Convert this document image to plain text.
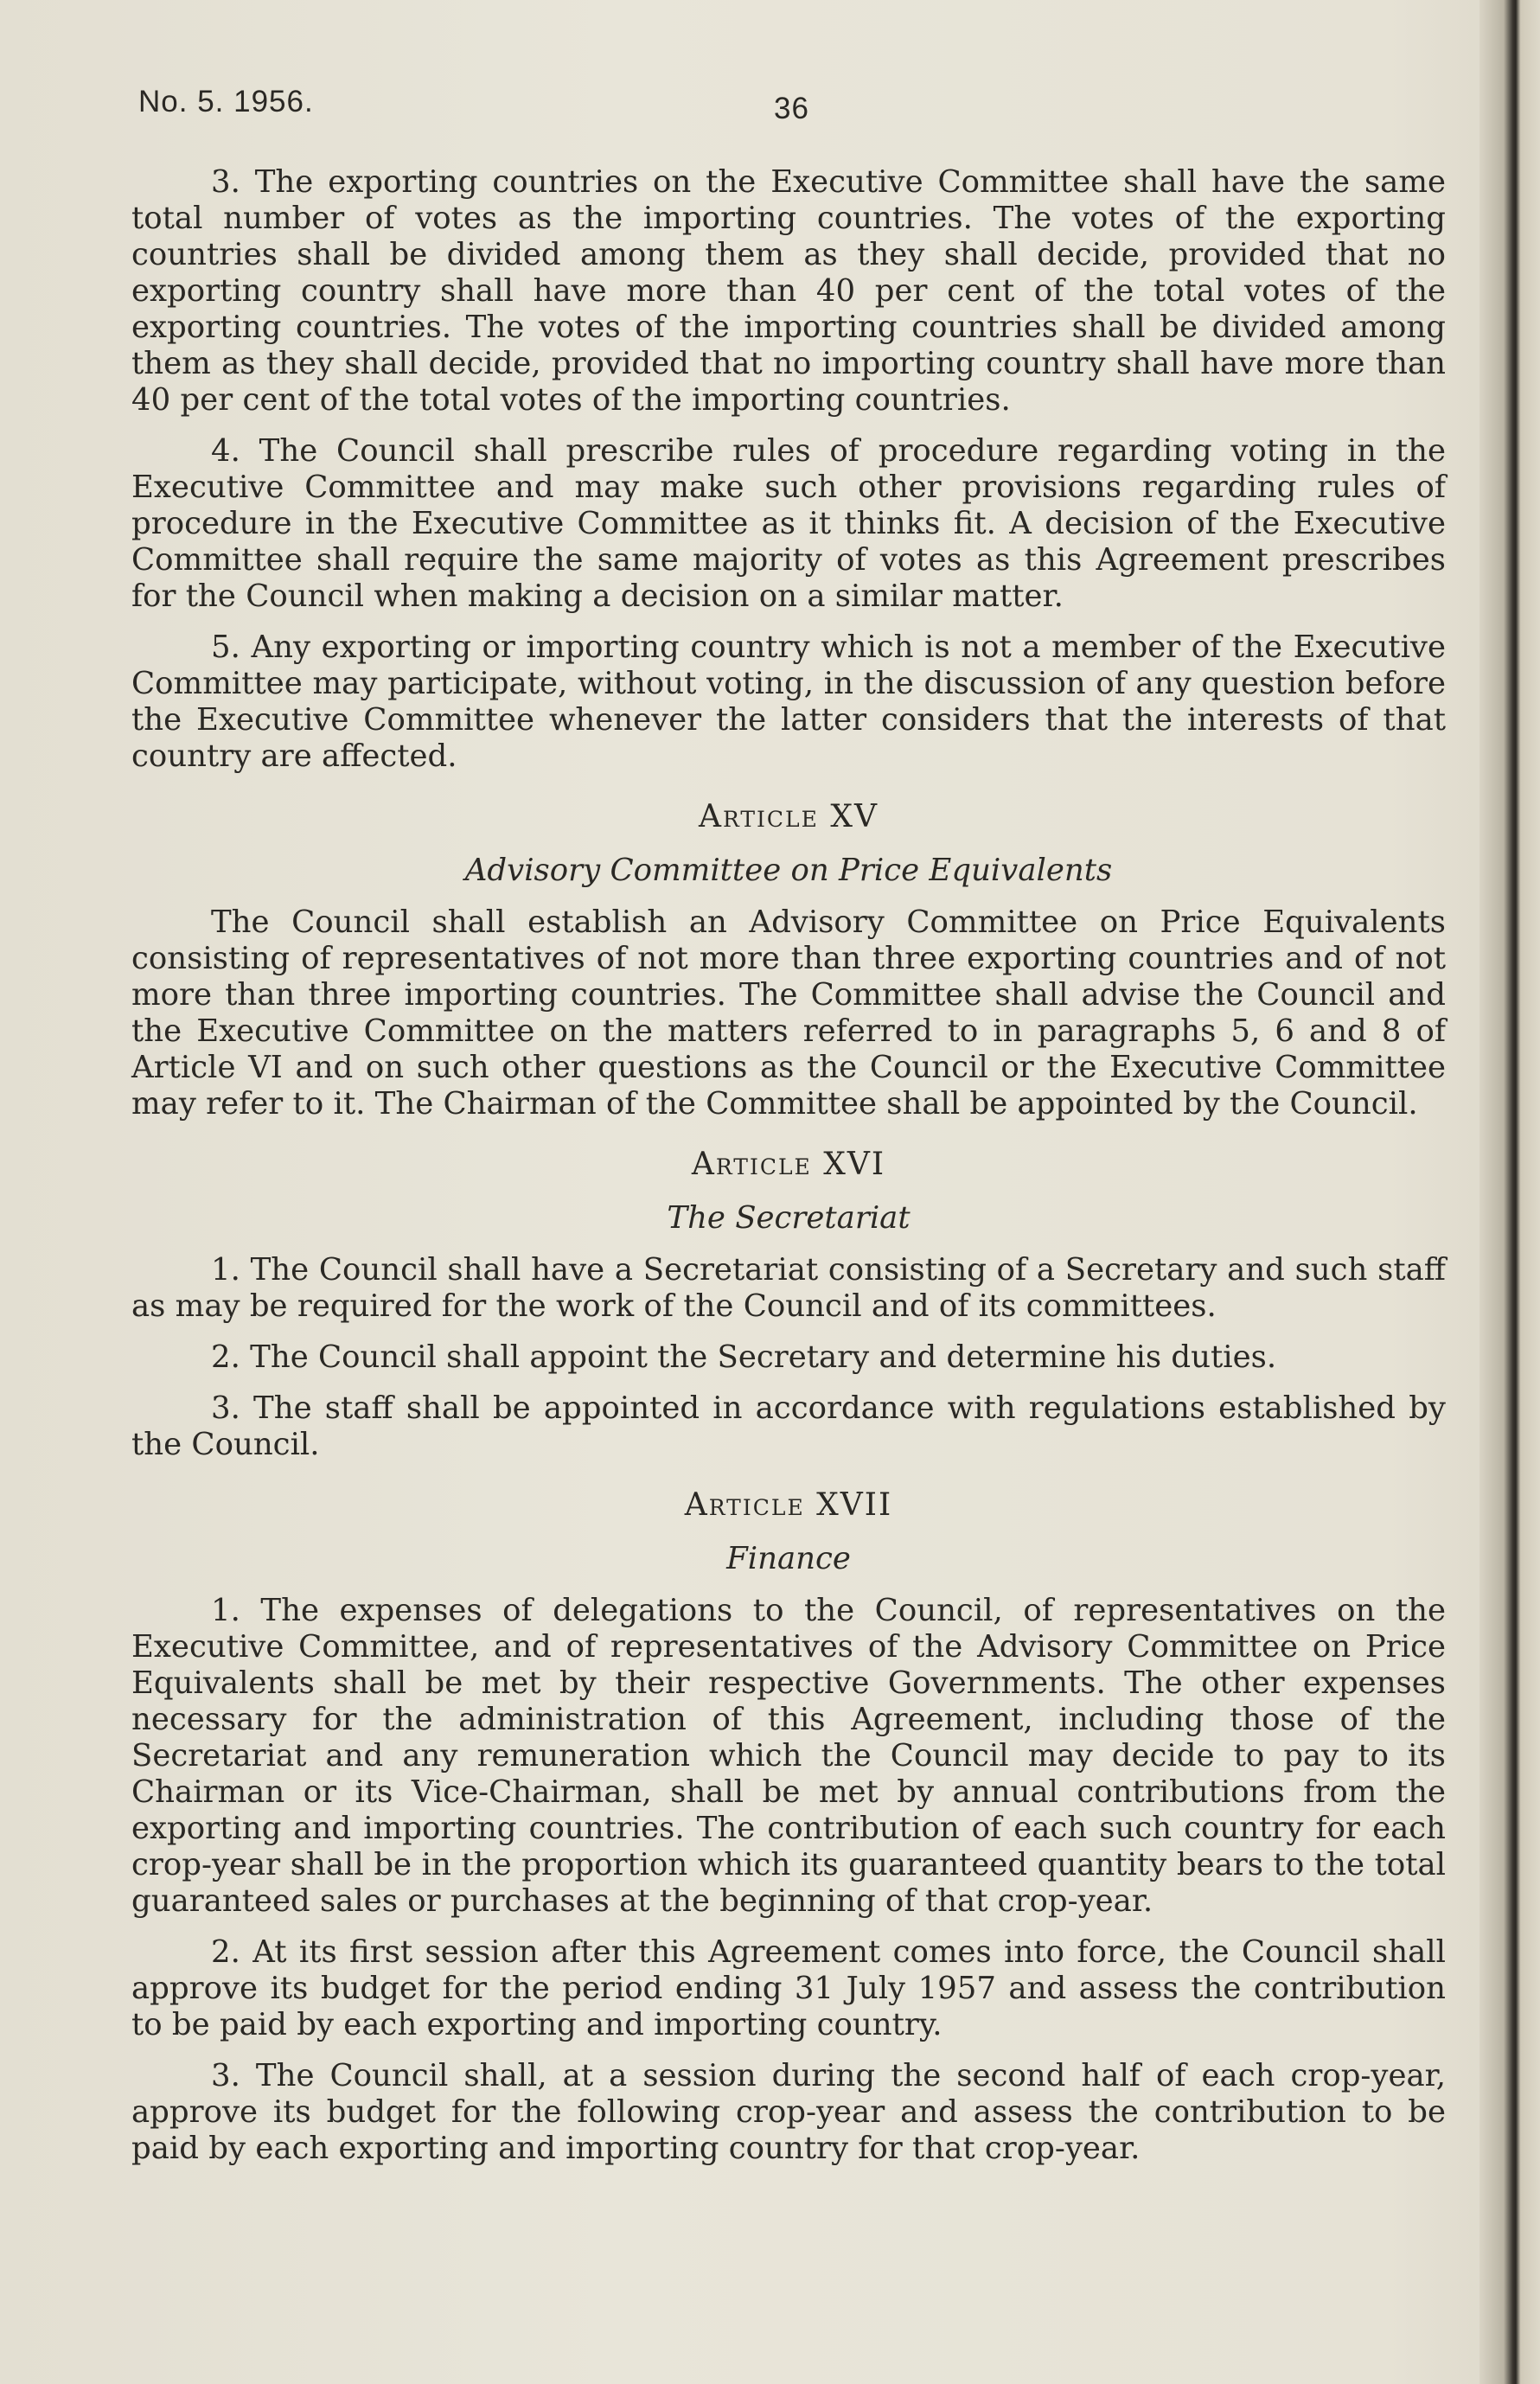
No. 5. 1956.	36

3. The exporting countries on the Executive Committee shall have the same total number of votes as the importing countries. The votes of the exporting countries shall be divided among them as they shall decide, provided that no exporting country shall have more than 40 per cent of the total votes of the exporting countries. The votes of the importing countries shall be divided among them as they shall decide, provided that no importing country shall have more than 40 per cent of the total votes of the importing countries.

4. The Council shall prescribe rules of procedure regarding voting in the Executive Committee and may make such other provisions regarding rules of procedure in the Executive Committee as it thinks fit. A decision of the Executive Committee shall require the same majority of votes as this Agreement prescribes for the Council when making a decision on a similar matter.

5. Any exporting or importing country which is not a member of the Executive Committee may participate, without voting, in the discussion of any question before the Executive Committee whenever the latter considers that the interests of that country are affected.

Article XV
Advisory Committee on Price Equivalents

The Council shall establish an Advisory Committee on Price Equivalents consisting of representatives of not more than three exporting countries and of not more than three importing countries. The Committee shall advise the Council and the Executive Committee on the matters referred to in paragraphs 5, 6 and 8 of Article VI and on such other questions as the Council or the Executive Committee may refer to it. The Chairman of the Committee shall be appointed by the Council.

Article XVI
The Secretariat

1. The Council shall have a Secretariat consisting of a Secretary and such staff as may be required for the work of the Council and of its committees.

2. The Council shall appoint the Secretary and determine his duties.

3. The staff shall be appointed in accordance with regulations established by the Council.

Article XVII
Finance

1. The expenses of delegations to the Council, of representatives on the Executive Committee, and of representatives of the Advisory Committee on Price Equivalents shall be met by their respective Governments. The other expenses necessary for the administration of this Agreement, including those of the Secretariat and any remuneration which the Council may decide to pay to its Chairman or its Vice-Chairman, shall be met by annual contributions from the exporting and importing countries. The contribution of each such country for each crop-year shall be in the proportion which its guaranteed quantity bears to the total guaranteed sales or purchases at the beginning of that crop-year.

2. At its first session after this Agreement comes into force, the Council shall approve its budget for the period ending 31 July 1957 and assess the contribution to be paid by each exporting and importing country.

3. The Council shall, at a session during the second half of each crop-year, approve its budget for the following crop-year and assess the contribution to be paid by each exporting and importing country for that crop-year.
